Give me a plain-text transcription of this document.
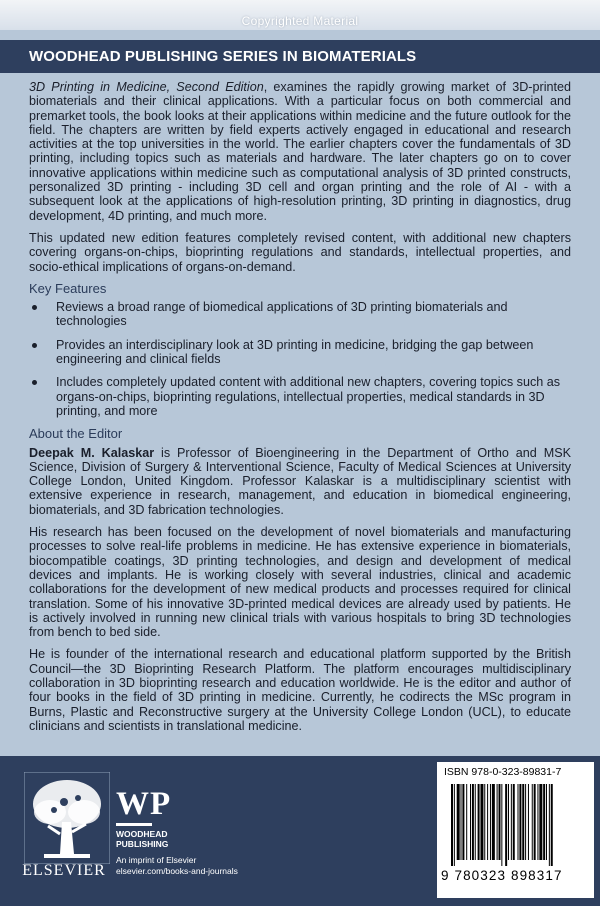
Copyrighted Material
WOODHEAD PUBLISHING SERIES IN BIOMATERIALS

3D Printing in Medicine, Second Edition, examines the rapidly growing market of 3D-printed biomaterials and their clinical applications. With a particular focus on both commercial and premarket tools, the book looks at their applications within medicine and the future outlook for the field. The chapters are written by field experts actively engaged in educational and research activities at the top universities in the world. The earlier chapters cover the fundamentals of 3D printing, including topics such as materials and hardware. The later chapters go on to cover innovative applications within medicine such as computational analysis of 3D printed constructs, personalized 3D printing - including 3D cell and organ printing and the role of AI - with a subsequent look at the applications of high-resolution printing, 3D printing in diagnostics, drug development, 4D printing, and much more.

This updated new edition features completely revised content, with additional new chapters covering organs-on-chips, bioprinting regulations and standards, intellectual properties, and socio-ethical implications of organs-on-demand.

Key Features
Reviews a broad range of biomedical applications of 3D printing biomaterials and technologies
Provides an interdisciplinary look at 3D printing in medicine, bridging the gap between engineering and clinical fields
Includes completely updated content with additional new chapters, covering topics such as organs-on-chips, bioprinting regulations, intellectual properties, medical standards in 3D printing, and more
About the Editor

Deepak M. Kalaskar is Professor of Bioengineering in the Department of Ortho and MSK Science, Division of Surgery & Interventional Science, Faculty of Medical Sciences at University College London, United Kingdom. Professor Kalaskar is a multidisciplinary scientist with extensive experience in research, management, and education in biomedical engineering, biomaterials, and 3D fabrication technologies.

His research has been focused on the development of novel biomaterials and manufacturing processes to solve real-life problems in medicine. He has extensive experience in biomaterials, biocompatible coatings, 3D printing technologies, and design and development of medical devices and implants. He is working closely with several industries, clinical and academic collaborations for the development of new medical products and processes required for clinical translation. Some of his innovative 3D-printed medical devices are already used by patients. He is actively involved in running new clinical trials with various hospitals to bring 3D technologies from bench to bed side.

He is founder of the international research and educational platform supported by the British Council—the 3D Bioprinting Research Platform. The platform encourages multidisciplinary collaboration in 3D bioprinting research and education worldwide. He is the editor and author of four books in the field of 3D printing in medicine. Currently, he codirects the MSc program in Burns, Plastic and Reconstructive surgery at the University College London (UCL), to educate clinicians and scientists in translational medicine.

ELSEVIER
WP
WOODHEAD
PUBLISHING
An imprint of Elsevier
elsevier.com/books-and-journals
ISBN 978-0-323-89831-7
9 780323 898317
